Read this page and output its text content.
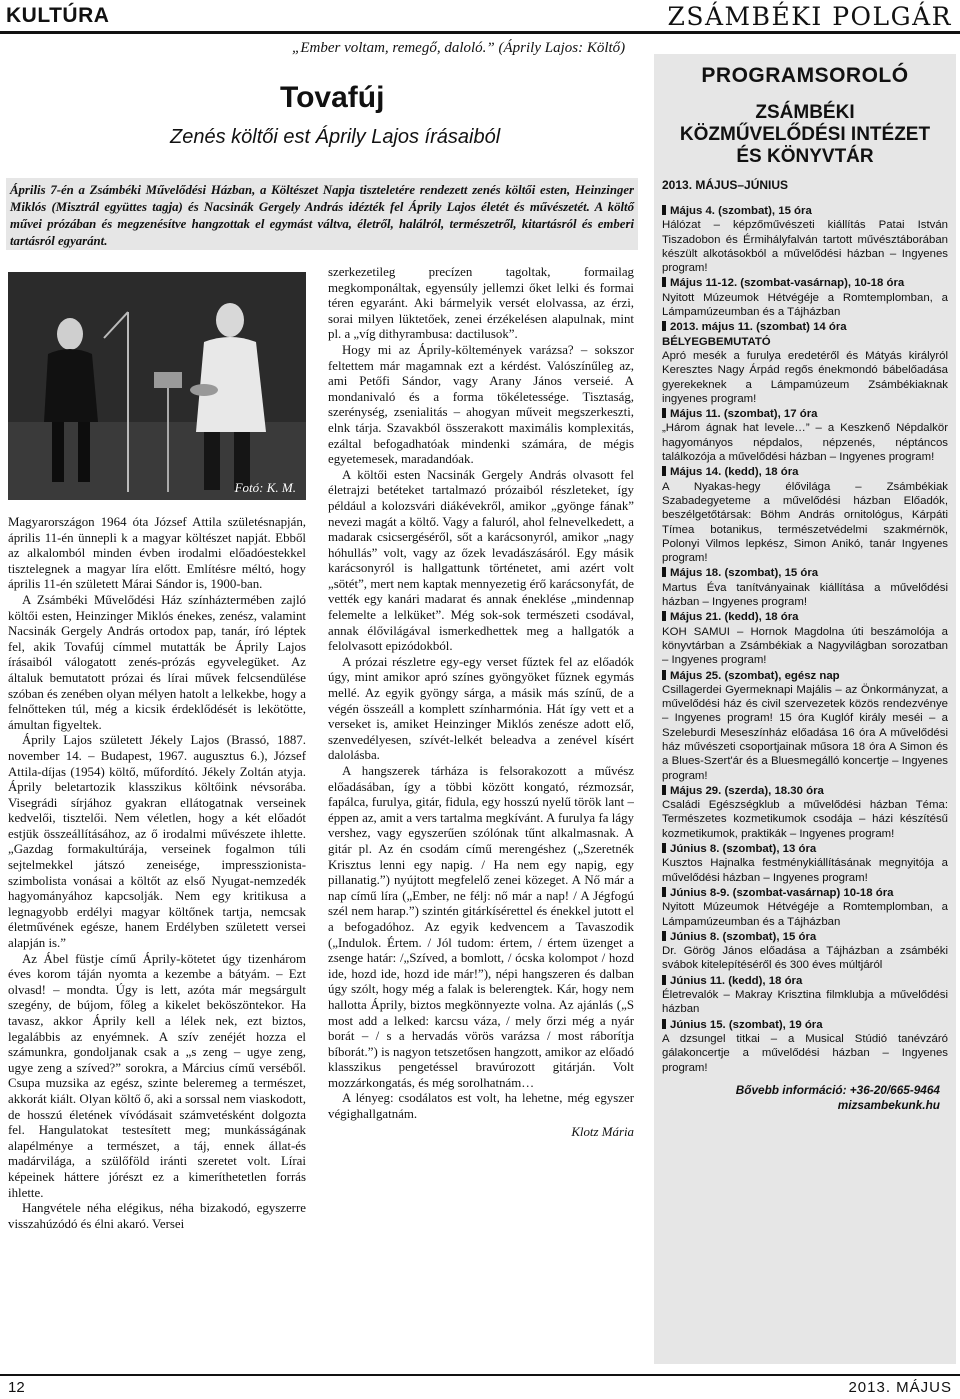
KULTÚRA	ZSÁMBÉKI POLGÁR
„Ember voltam, remegő, daloló.” (Áprily Lajos: Költő)
Tovafúj
Zenés költői est Áprily Lajos írásaiból
Április 7-én a Zsámbéki Művelődési Házban, a Költészet Napja tiszteletére rendezett zenés költői esten, Heinzinger Miklós (Misztrál együttes tagja) és Nacsinák Gergely András idézték fel Áprily Lajos életét és művészetét. A költő művei prózában és megzenésítve hangzottak el egymást váltva, életről, halálról, természetről, kitartásról és emberi tartásról egyaránt.
Fotó: K. M.

Magyarországon 1964 óta József Attila születésnapján, április 11-én ünnepli k a magyar költészet napját. Ebből az alkalomból minden évben irodalmi előadóestekkel tisztelegnek a magyar líra előtt. Említésre méltó, hogy április 11-én született Márai Sándor is, 1900-ban.

A Zsámbéki Művelődési Ház színháztermében zajló költői esten, Heinzinger Miklós énekes, zenész, valamint Nacsinák Gergely András ortodox pap, tanár, író léptek fel, akik Tovafúj címmel mutatták be Áprily Lajos írásaiból válogatott zenés-prózás egyvelegüket. Az általuk bemutatott prózai és lírai művek felcsendülése szóban és zenében olyan mélyen hatolt a lelkekbe, hogy a felnőtteken túl, még a kicsik érdeklődését is lekötötte, ámultan figyeltek.

Áprily Lajos született Jékely Lajos (Brassó, 1887. november 14. – Budapest, 1967. augusztus 6.), József Attila-díjas (1954) költő, műfordító. Jékely Zoltán atyja. Áprily beletartozik klasszikus költőink névsorába. Visegrádi sírjához gyakran ellátogatnak verseinek kedvelői, tisztelői. Nem véletlen, hogy a két előadót estjük összeállításához, az ő irodalmi művészete ihlette. „Gazdag formakultúrája, verseinek fogalmon túli sejtelmekkel játszó zeneisége, impresszionista-szimbolista vonásai a költőt az első Nyugat-nemzedék hagyományához kapcsolják. Nem egy kritikusa a legnagyobb erdélyi magyar költőnek tartja, nemcsak életművének egésze, hanem Erdélyben született versei alapján is.”

Az Ábel füstje című Áprily-kötetet úgy tizenhárom éves korom táján nyomta a kezembe a bátyám. – Ezt olvasd! – mondta. Úgy is lett, azóta már megsárgult szegény, de bújom, főleg a kikelet beköszöntekor. Ha tavasz, akkor Áprily kell a lélek nek, ezt biztos, legalábbis az enyémnek. A szív zenéjét hozza el számunkra, gondoljanak csak a „s zeng – ugye zeng, ugye zeng a szíved?” sorokra, a Március című verséből. Csupa muzsika az egész, szinte beleremeg a természet, akkorát kiált. Olyan költő ő, aki a sorssal nem viaskodott, de hosszú életének vívódásait számvetésként dolgozta fel. Hangulatokat testesített meg; munkásságának alapélménye a természet, a táj, ennek állat-és madárvilága, a szülőföld iránti szeretet volt. Lírai képeinek háttere jórészt ez a kimeríthetetlen forrás ihlette.

Hangvétele néha elégikus, néha bizakodó, egyszerre visszahúzódó és élni akaró. Versei

szerkezetileg precízen tagoltak, formailag megkomponáltak, egyensúly jellemzi őket lelki és formai téren egyaránt. Aki bármelyik versét elolvassa, az érzi, sorai milyen lüktetőek, zenei érzékelésen alapulnak, mint pl. a „víg dithyrambusa: dactilusok”.

Hogy mi az Áprily-költemények varázsa? – sokszor feltettem már magamnak ezt a kérdést. Valószínűleg az, ami Petőfi Sándor, vagy Arany János verseié. A mondanivaló és a forma tökéletessége. Tisztaság, szerénység, zsenialitás – ahogyan műveit megszerkeszti, elnk tárja. Szavakból összerakott maximális komplexitás, ezáltal befogadhatóak mindenki számára, de mégis egyetemesek, maradandóak.

A költői esten Nacsinák Gergely András olvasott fel életrajzi betéteket tartalmazó prózaiból részleteket, így például a kolozsvári diákévekről, amikor „gyönge fának” nevezi magát a költő. Vagy a faluról, ahol felnevelkedett, a madarak csicsergéséről, sőt a karácsonyról, amikor „nagy hóhullás” volt, vagy az őzek levadászásáról. Egy másik karácsonyról is hallgattunk történetet, ami azért volt „sötét”, mert nem kaptak mennyezetig érő karácsonyfát, de vették egy kanári madarat és annak éneklése „mindennap felemelte a lelküket”. Még sok-sok természeti csodával, annak élővilágával ismerkedhettek meg a hallgatók a felolvasott epizódokból.

A prózai részletre egy-egy verset fűztek fel az előadók úgy, mint amikor apró színes gyöngyöket fűznek egymás mellé. Az egyik gyöngy sárga, a másik más színű, de a végén összeáll a komplett színharmónia. Hát így vett et a verseket is, amiket Heinzinger Miklós zenésze adott elő, szenvedélyesen, szívét-lelkét beleadva a zenével kísért dalolásba.

A hangszerek tárháza is felsorakozott a művész előadásában, így a többi között kongató, rézmozsár, fapálca, furulya, gitár, fidula, egy hosszú nyelű török lant – éppen az, amit a vers tartalma megkívánt. A furulya fa lágy vershez, vagy egyszerűen szólónak tűnt alkalmasnak. A gitár pl. Az én csodám című merengéshez („Szeretnék Krisztus lenni egy napig. / Ha nem egy napig, egy pillanatig.”) nyújtott megfelelő zenei közeget. A Nő már a nap című líra („Ember, ne félj: nő már a nap! / A Jégfogú szél nem harap.”) szintén gitárkísérettel és énekkel jutott el a befogadóhoz. Az egyik kedvencem a Tavaszodik („Indulok. Értem. / Jól tudom: értem, / értem üzenget a zsenge határ: /„Szíved, a bomlott, / ócska kolompot / hozd ide, hozd ide, hozd ide már!”), népi hangszeren és dalban úgy szólt, hogy még a falak is belerengtek. Kár, hogy nem hallotta Áprily, biztos megkönnyezte volna. Az ajánlás („S most add a lelked: karcsu váza, / mely őrzi még a nyár borát – / s a hervadás vörös varázsa / most ráborítja bíborát.”) is nagyon tetszetősen hangzott, amikor az előadó klasszikus pengetéssel bravúrozott gitárján. Volt mozzárkongatás, és még sorolhatnám…

A lényeg: csodálatos est volt, ha lehetne, még egyszer végighallgatnám.

Klotz Mária

PROGRAMSOROLÓ
ZSÁMBÉKI
KÖZMŰVELŐDÉSI INTÉZET
ÉS KÖNYVTÁR
2013. MÁJUS–JÚNIUS
Május 4. (szombat), 15 óra
Hálózat – képzőművészeti kiállítás Patai István Tiszadobon és Érmihályfalván tartott művésztáborában készült alkotásokból a művelődési házban – Ingyenes program!
Május 11-12. (szombat-vasárnap), 10-18 óra
Nyitott Múzeumok Hétvégéje a Romtemplomban, a Lámpamúzeumban és a Tájházban
2013. május 11. (szombat) 14 óra BÉLYEGBEMUTATÓ
Apró mesék a furulya eredetéről és Mátyás királyról Keresztes Nagy Árpád regős énekmondó bábelőadása gyerekeknek a Lámpamúzeum Zsámbékiaknak ingyenes program!
Május 11. (szombat), 17 óra
„Három ágnak hat levele…” – a Keszkenő Népdalkör hagyományos népdalos, népzenés, néptáncos találkozója a művelődési házban – Ingyenes program!
Május 14. (kedd), 18 óra
A Nyakas-hegy élővilága – Zsámbékiak Szabadegyeteme a művelődési házban Előadók, beszélgetőtársak: Böhm András ornitológus, Kárpáti Tímea botanikus, természetvédelmi szakmérnök, Polonyi Vilmos lepkész, Simon Anikó, tanár Ingyenes program!
Május 18. (szombat), 15 óra
Martus Éva tanítványainak kiállítása a művelődési házban – Ingyenes program!
Május 21. (kedd), 18 óra
KOH SAMUI – Hornok Magdolna úti beszámolója a könyvtárban a Zsámbékiak a Nagyvilágban sorozatban – Ingyenes program!
Május 25. (szombat), egész nap
Csillagerdei Gyermeknapi Majális – az Önkormányzat, a művelődési ház és civil szervezetek közös rendezvénye – Ingyenes program! 15 óra Kuglóf király meséi – a Szeleburdi Meseszínház előadása 16 óra A művelődési ház művészeti csoportjainak műsora 18 óra A Simon és a Blues-Szert'ár és a Bluesmegálló koncertje – Ingyenes program!
Május 29. (szerda), 18.30 óra
Családi Egészségklub a művelődési házban Téma: Természetes kozmetikumok csodája – házi készítésű kozmetikumok, praktikák – Ingyenes program!
Június 8. (szombat), 13 óra
Kusztos Hajnalka festménykiállításának megnyitója a művelődési házban – Ingyenes program!
Június 8-9. (szombat-vasárnap) 10-18 óra
Nyitott Múzeumok Hétvégéje a Romtemplomban, a Lámpamúzeumban és a Tájházban
Június 8. (szombat), 15 óra
Dr. Görög János előadása a Tájházban a zsámbéki svábok kitelepítéséről és 300 éves múltjáról
Június 11. (kedd), 18 óra
Életrevalók – Makray Krisztina filmklubja a művelődési házban
Június 15. (szombat), 19 óra
A dzsungel titkai – a Musical Stúdió tanévzáró gálakoncertje a művelődési házban – Ingyenes program!
Bővebb információ: +36-20/665-9464
mizsambekunk.hu
12	2013. MÁJUS
